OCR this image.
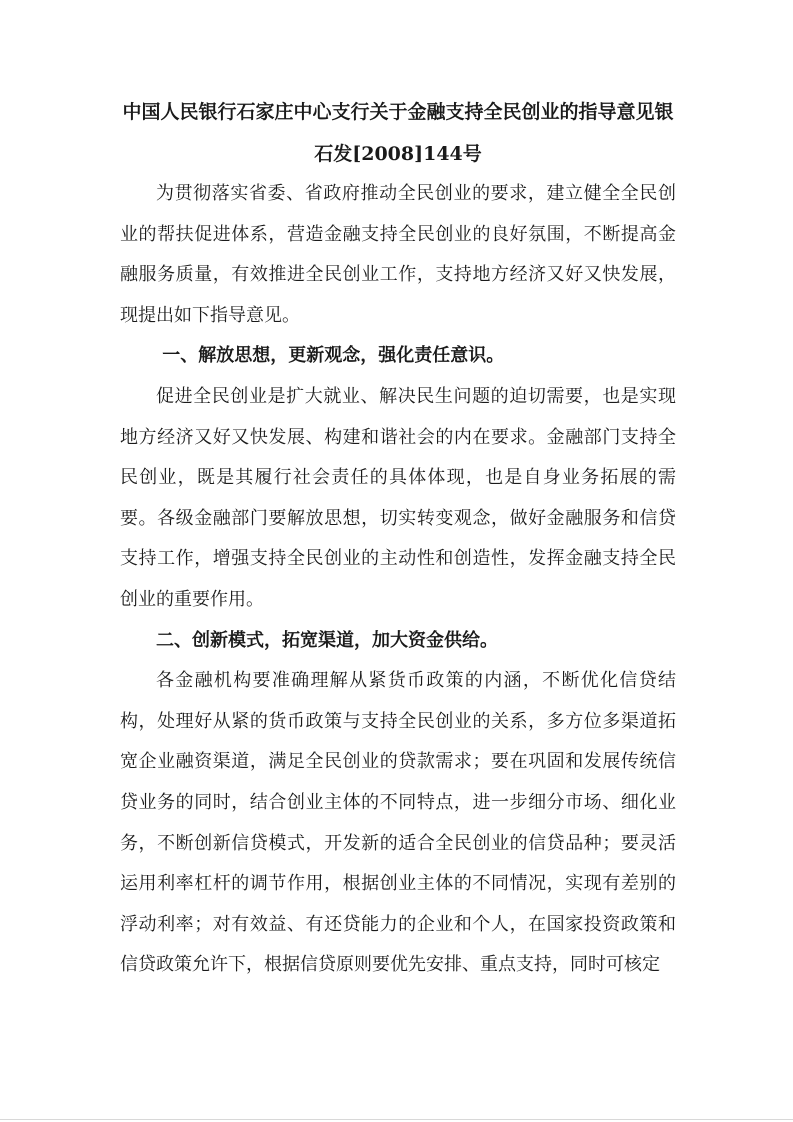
中国人民银行石家庄中心支行关于金融支持全民创业的指导意见银

石发[2008]144号

为贯彻落实省委、省政府推动全民创业的要求，建立健全全民创业的帮扶促进体系，营造金融支持全民创业的良好氛围，不断提高金融服务质量，有效推进全民创业工作，支持地方经济又好又快发展，现提出如下指导意见。

一、解放思想，更新观念，强化责任意识。

促进全民创业是扩大就业、解决民生问题的迫切需要，也是实现地方经济又好又快发展、构建和谐社会的内在要求。金融部门支持全民创业，既是其履行社会责任的具体体现，也是自身业务拓展的需要。各级金融部门要解放思想，切实转变观念，做好金融服务和信贷支持工作，增强支持全民创业的主动性和创造性，发挥金融支持全民创业的重要作用。

二、创新模式，拓宽渠道，加大资金供给。

各金融机构要准确理解从紧货币政策的内涵，不断优化信贷结构，处理好从紧的货币政策与支持全民创业的关系，多方位多渠道拓宽企业融资渠道，满足全民创业的贷款需求；要在巩固和发展传统信贷业务的同时，结合创业主体的不同特点，进一步细分市场、细化业务，不断创新信贷模式，开发新的适合全民创业的信贷品种；要灵活运用利率杠杆的调节作用，根据创业主体的不同情况，实现有差别的浮动利率；对有效益、有还贷能力的企业和个人，在国家投资政策和信贷政策允许下，根据信贷原则要优先安排、重点支持，同时可核定
